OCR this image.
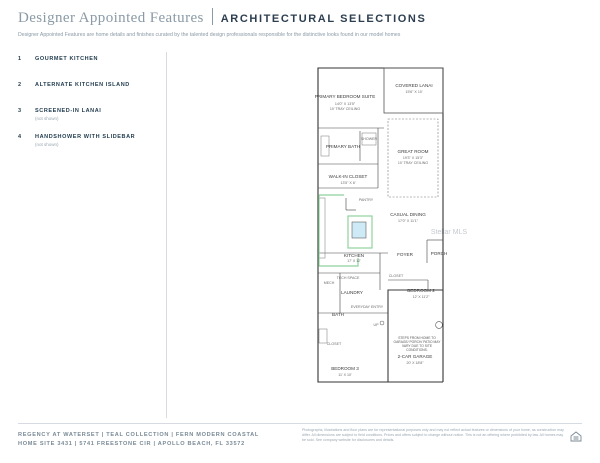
Designer Appointed Features ARCHITECTURAL SELECTIONS
Designer Appointed Features are home details and finishes curated by the talented design professionals responsible for the distinctive looks found in our model homes
1	GOURMET KITCHEN
2	ALTERNATE KITCHEN ISLAND
3	SCREENED-IN LANAI
(not shown)
4	HANDSHOWER WITH SLIDEBAR
(not shown)
PRIMARY BEDROOM SUITE
14'0" X 13'5"
10' TRAY CEILING
COVERED LANAI
15'6" X 10'
PRIMARY BATH
SHOWER
GREAT ROOM
19'3" X 15'3"
10' TRAY CEILING
WALK-IN CLOSET
13'5" X 6'
PANTRY
CASUAL DINING
17'0" X 11'1"
KITCHEN
17' X 12'
FOYER	PORCH
TECH SPACE	CLOSET
LAUNDRY	BEDROOM 2
12' X 11'2"
MECH
BATH
EVERYDAY ENTRY
UP
CLOSET
2-CAR GARAGE
20' X 18'8"
BEDROOM 3
11' X 10'
STEPS FROM HOME TO GARAGE/ PORCH/ PATIO MAY VARY DUE TO SITE CONDITIONS.
Stellar MLS
REGENCY AT WATERSET | TEAL COLLECTION | FERN MODERN COASTAL
HOME SITE 3431 | 5741 FREESTONE CIR | APOLLO BEACH, FL 33572
Photographs, illustrations and floor plans are for representational purposes only and may not reflect actual features or dimensions of your home, as construction may differ. All dimensions are subject to field conditions. Prices and offers subject to change without notice. This is not an offering where prohibited by law. All homes may be sold. See company website for disclosures and details.
